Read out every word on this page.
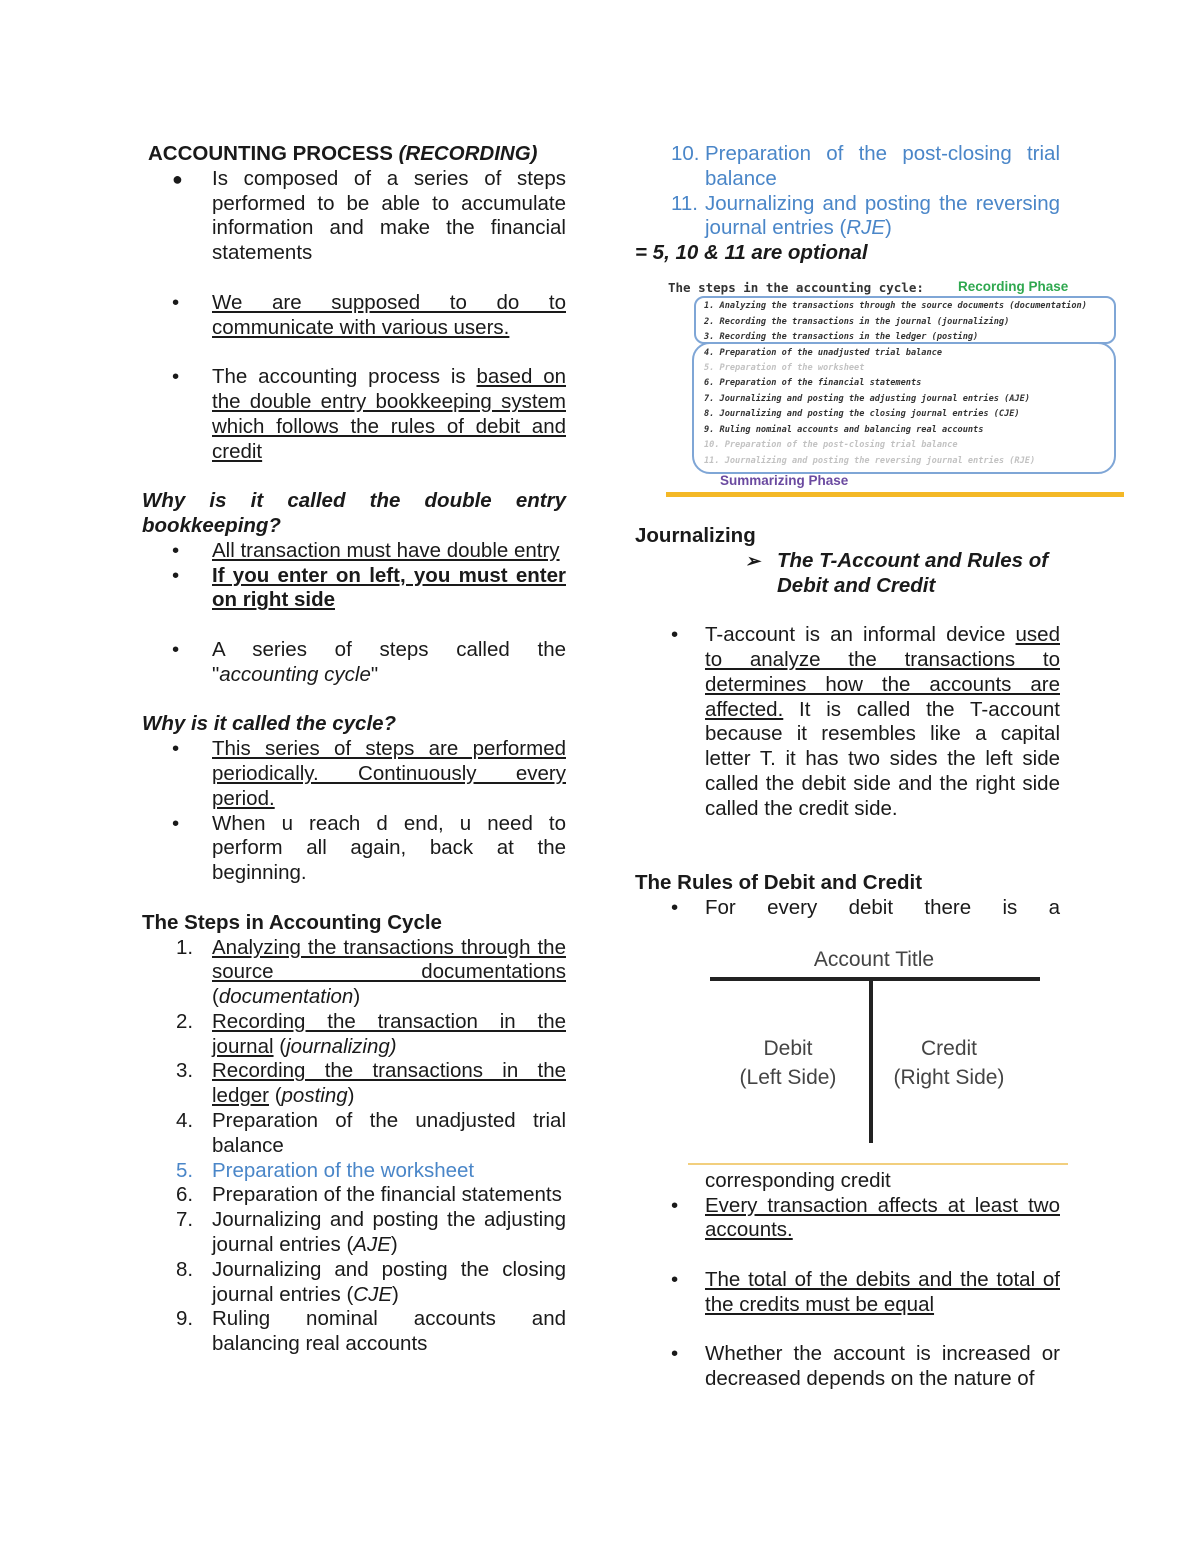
ACCOUNTING PROCESS (RECORDING)

● Is composed of a series of steps performed to be able to accumulate information and make the financial statements
• We are supposed to do to communicate with various users.
• The accounting process is based on the double entry bookkeeping system which follows the rules of debit and credit

Why is it called the double entry bookkeeping?

• All transaction must have double entry
• If you enter on left, you must enter on right side
• A series of steps called the "accounting cycle"

Why is it called the cycle?

• This series of steps are performed periodically. Continuously every period.
• When u reach d end, u need to perform all again, back at the beginning.

The Steps in Accounting Cycle

1. Analyzing the transactions through the source documentations (documentation)
2. Recording the transaction in the journal (journalizing)
3. Recording the transactions in the ledger (posting)
4. Preparation of the unadjusted trial balance
5. Preparation of the worksheet
6. Preparation of the financial statements
7. Journalizing and posting the adjusting journal entries (AJE)
8. Journalizing and posting the closing journal entries (CJE)
9. Ruling nominal accounts and balancing real accounts
10. Preparation of the post-closing trial balance
11. Journalizing and posting the reversing journal entries (RJE)

= 5, 10 & 11 are optional

Journalizing

➢ The T-Account and Rules of Debit and Credit
• T-account is an informal device used to analyze the transactions to determines how the accounts are affected. It is called the T-account because it resembles like a capital letter T. it has two sides the left side called the debit side and the right side called the credit side.

The Rules of Debit and Credit

• For every debit there is a
corresponding credit
• Every transaction affects at least two accounts.
• The total of the debits and the total of the credits must be equal
• Whether the account is increased or decreased depends on the nature of
The steps in the accounting cycle:	Recording Phase
1. Analyzing the transactions through the source documents (documentation)
2. Recording the transactions in the journal (journalizing)
3. Recording the transactions in the ledger (posting)
4. Preparation of the unadjusted trial balance
5. Preparation of the worksheet
6. Preparation of the financial statements
7. Journalizing and posting the adjusting journal entries (AJE)
8. Journalizing and posting the closing journal entries (CJE)
9. Ruling nominal accounts and balancing real accounts
10. Preparation of the post-closing trial balance
11. Journalizing and posting the reversing journal entries (RJE)
Summarizing Phase
Account Title
Debit
(Left Side)
Credit
(Right Side)
